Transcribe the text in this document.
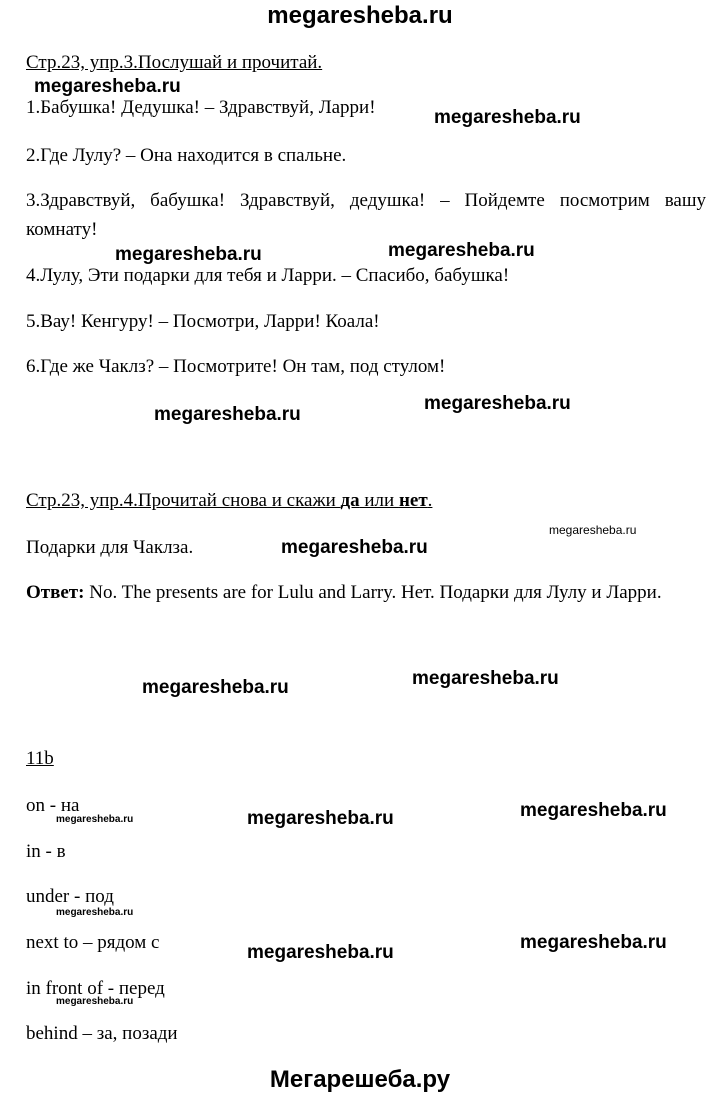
megaresheba.ru
Стр.23, упр.3.Послушай и прочитай.
1.Бабушка! Дедушка! – Здравствуй, Ларри!
2.Где Лулу? – Она находится в спальне.
3.Здравствуй, бабушка! Здравствуй, дедушка! – Пойдемте посмотрим вашу комнату!
4.Лулу, Эти подарки для тебя и Ларри. – Спасибо, бабушка!
5.Вау! Кенгуру! – Посмотри, Ларри! Коала!
6.Где же Чаклз? – Посмотрите! Он там, под стулом!
Стр.23, упр.4.Прочитай снова и скажи да или нет.
Подарки для Чаклза.
Ответ: No. The presents are for Lulu and Larry. Нет. Подарки для Лулу и Ларри.
11b
on - на
in - в
under - под
next to – рядом с
in front of - перед
behind – за, позади
megaresheba.ru
megaresheba.ru
megaresheba.ru	megaresheba.ru
megaresheba.ru
megaresheba.ru
megaresheba.ru
megaresheba.ru
megaresheba.ru	megaresheba.ru
megaresheba.ru	megaresheba.ru
megaresheba.ru	megaresheba.ru
megaresheba.ru
megaresheba.ru
megaresheba.ru
Мегарешеба.ру
